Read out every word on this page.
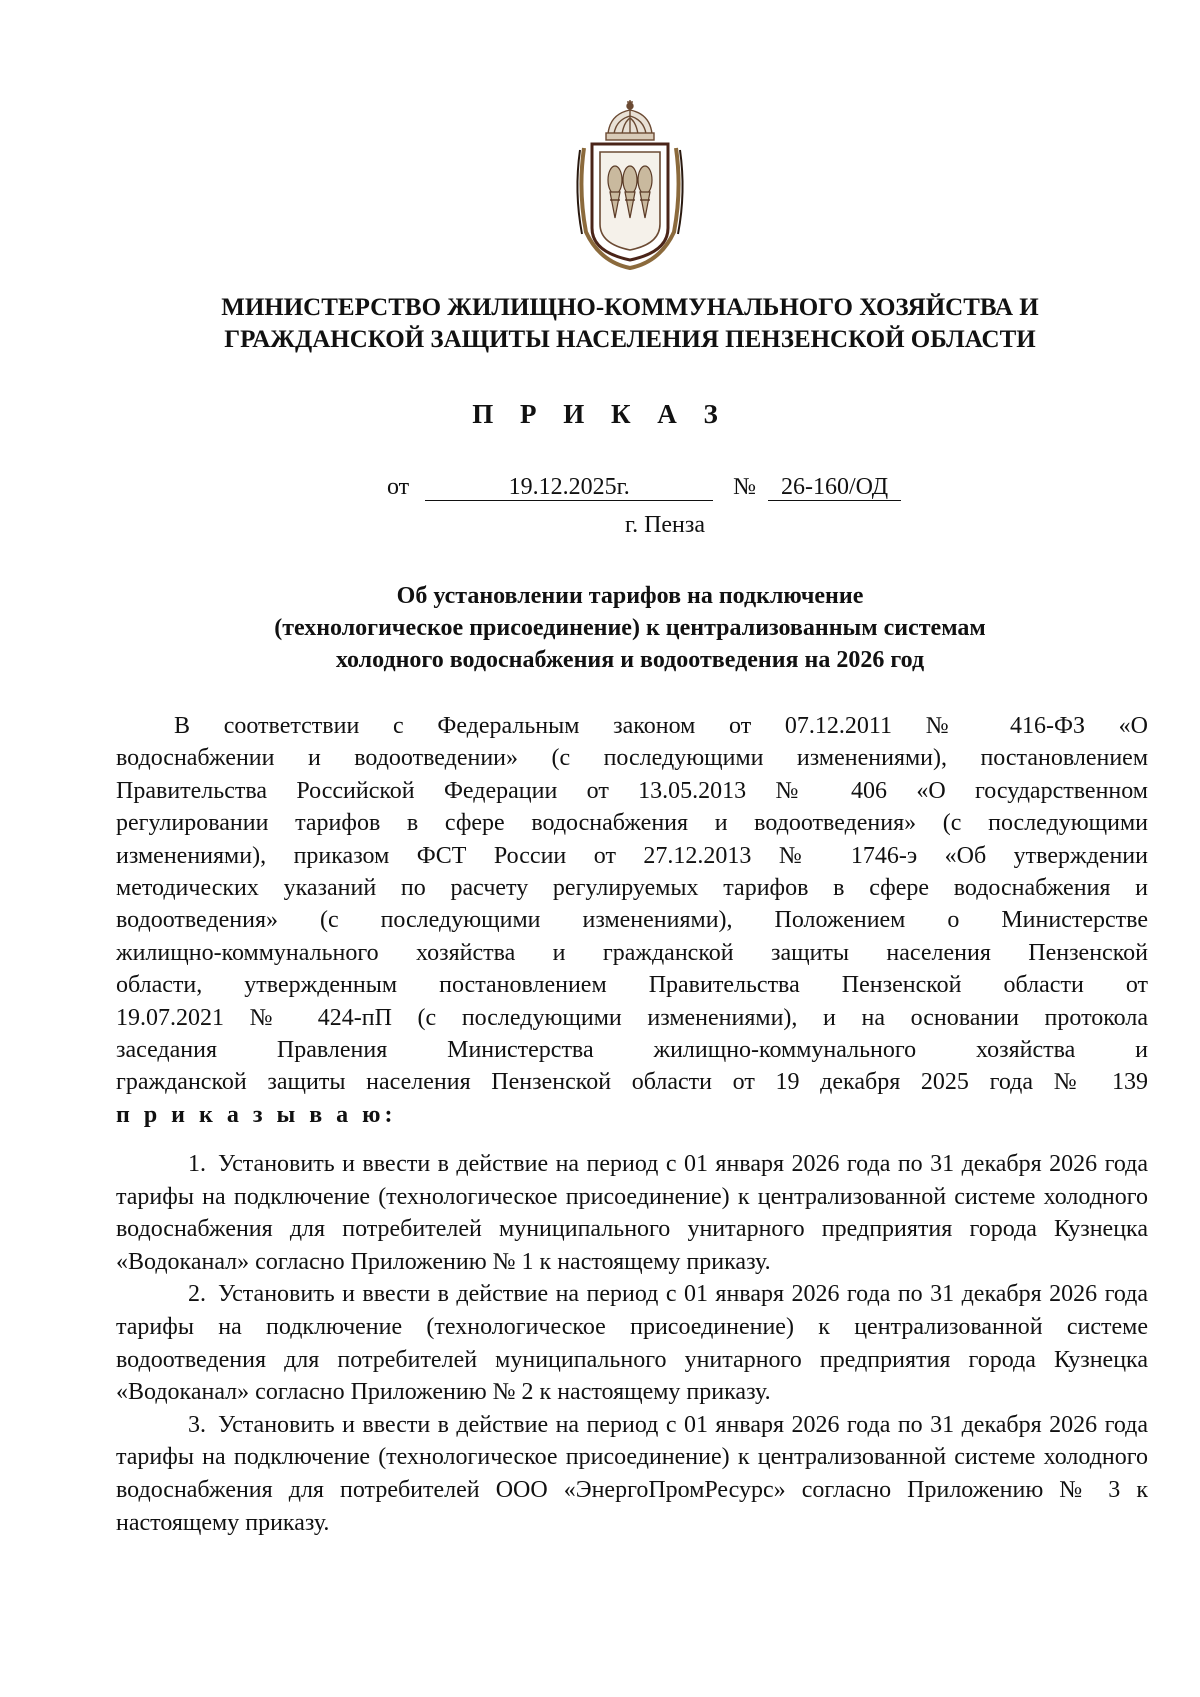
МИНИСТЕРСТВО ЖИЛИЩНО-КОММУНАЛЬНОГО ХОЗЯЙСТВА И
ГРАЖДАНСКОЙ ЗАЩИТЫ НАСЕЛЕНИЯ ПЕНЗЕНСКОЙ ОБЛАСТИ
П Р И К А З
от	19.12.2025г.	№ 26-160/ОД
г. Пенза
Об установлении тарифов на подключение
(технологическое присоединение) к централизованным системам
холодного водоснабжения и водоотведения на 2026 год
В соответствии с Федеральным законом от 07.12.2011 № 416-ФЗ «О
водоснабжении и водоотведении» (с последующими изменениями), постановлением
Правительства Российской Федерации от 13.05.2013 № 406 «О государственном
регулировании тарифов в сфере водоснабжения и водоотведения» (с последующими
изменениями), приказом ФСТ России от 27.12.2013 № 1746-э «Об утверждении
методических указаний по расчету регулируемых тарифов в сфере водоснабжения и
водоотведения» (с последующими изменениями), Положением о Министерстве
жилищно-коммунального хозяйства и гражданской защиты населения Пензенской
области, утвержденным постановлением Правительства Пензенской области от
19.07.2021 № 424-пП (с последующими изменениями), и на основании протокола
заседания Правления Министерства жилищно-коммунального хозяйства и
гражданской защиты населения Пензенской области от 19 декабря 2025 года № 139
п р и к а з ы в а ю:

1. Установить и ввести в действие на период с 01 января 2026 года по 31 декабря 2026 года тарифы на подключение (технологическое присоединение) к централизованной системе холодного водоснабжения для потребителей муниципального унитарного предприятия города Кузнецка «Водоканал» согласно Приложению № 1 к настоящему приказу.

2. Установить и ввести в действие на период с 01 января 2026 года по 31 декабря 2026 года тарифы на подключение (технологическое присоединение) к централизованной системе водоотведения для потребителей муниципального унитарного предприятия города Кузнецка «Водоканал» согласно Приложению № 2 к настоящему приказу.

3. Установить и ввести в действие на период с 01 января 2026 года по 31 декабря 2026 года тарифы на подключение (технологическое присоединение) к централизованной системе холодного водоснабжения для потребителей ООО «ЭнергоПромРесурс» согласно Приложению № 3 к настоящему приказу.
